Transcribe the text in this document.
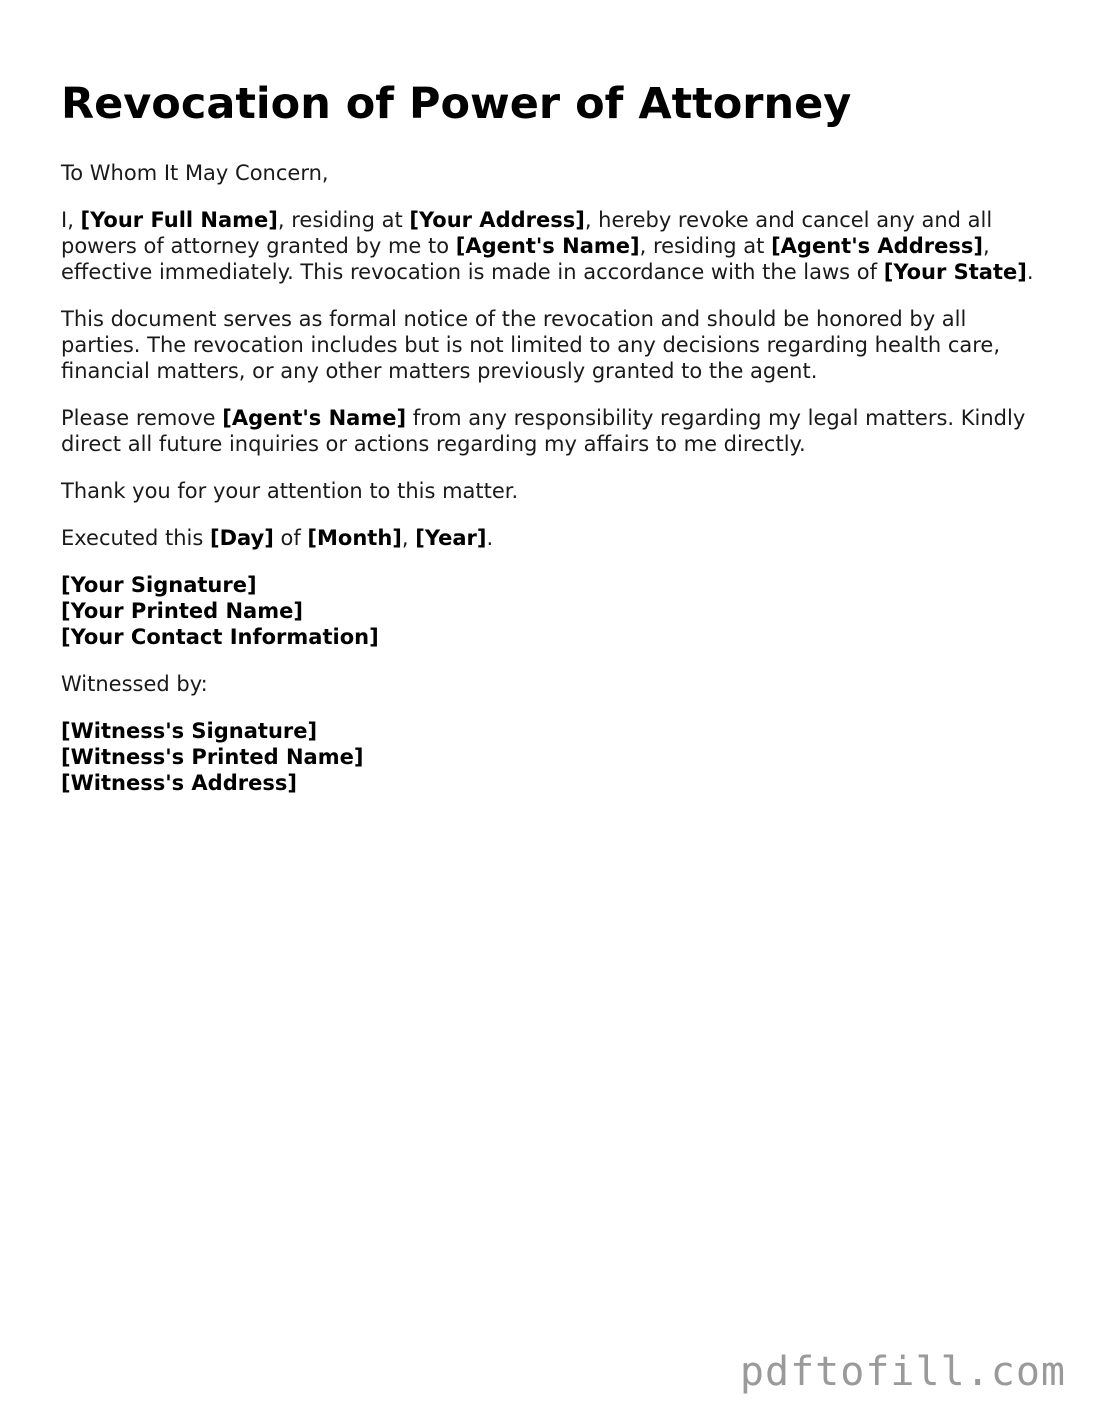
Revocation of Power of Attorney

To Whom It May Concern,

I, [Your Full Name], residing at [Your Address], hereby revoke and cancel any and all powers of attorney granted by me to [Agent's Name], residing at [Agent's Address], effective immediately. This revocation is made in accordance with the laws of [Your State].

This document serves as formal notice of the revocation and should be honored by all parties. The revocation includes but is not limited to any decisions regarding health care, financial matters, or any other matters previously granted to the agent.

Please remove [Agent's Name] from any responsibility regarding my legal matters. Kindly direct all future inquiries or actions regarding my affairs to me directly.

Thank you for your attention to this matter.

Executed this [Day] of [Month], [Year].

[Your Signature]
[Your Printed Name]
[Your Contact Information]

Witnessed by:

[Witness's Signature]
[Witness's Printed Name]
[Witness's Address]
pdftofill.com
